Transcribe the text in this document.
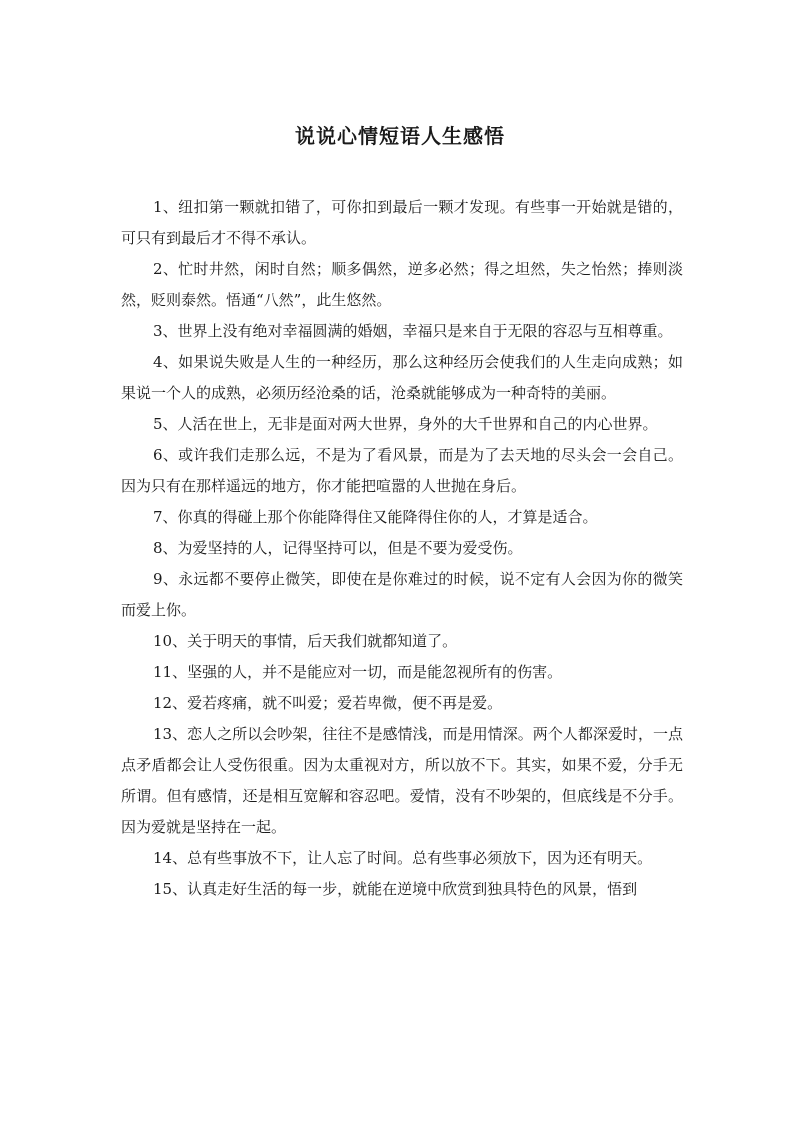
说说心情短语人生感悟

1、纽扣第一颗就扣错了，可你扣到最后一颗才发现。有些事一开始就是错的，可只有到最后才不得不承认。

2、忙时井然，闲时自然；顺多偶然，逆多必然；得之坦然，失之怡然；捧则淡然，贬则泰然。悟通“八然”，此生悠然。

3、世界上没有绝对幸福圆满的婚姻，幸福只是来自于无限的容忍与互相尊重。

4、如果说失败是人生的一种经历，那么这种经历会使我们的人生走向成熟；如果说一个人的成熟，必须历经沧桑的话，沧桑就能够成为一种奇特的美丽。

5、人活在世上，无非是面对两大世界，身外的大千世界和自己的内心世界。

6、或许我们走那么远，不是为了看风景，而是为了去天地的尽头会一会自己。因为只有在那样遥远的地方，你才能把喧嚣的人世抛在身后。

7、你真的得碰上那个你能降得住又能降得住你的人，才算是适合。

8、为爱坚持的人，记得坚持可以，但是不要为爱受伤。

9、永远都不要停止微笑，即使在是你难过的时候，说不定有人会因为你的微笑而爱上你。

10、关于明天的事情，后天我们就都知道了。

11、坚强的人，并不是能应对一切，而是能忽视所有的伤害。

12、爱若疼痛，就不叫爱；爱若卑微，便不再是爱。

13、恋人之所以会吵架，往往不是感情浅，而是用情深。两个人都深爱时，一点点矛盾都会让人受伤很重。因为太重视对方，所以放不下。其实，如果不爱，分手无所谓。但有感情，还是相互宽解和容忍吧。爱情，没有不吵架的，但底线是不分手。因为爱就是坚持在一起。

14、总有些事放不下，让人忘了时间。总有些事必须放下，因为还有明天。

15、认真走好生活的每一步，就能在逆境中欣赏到独具特色的风景，悟到
